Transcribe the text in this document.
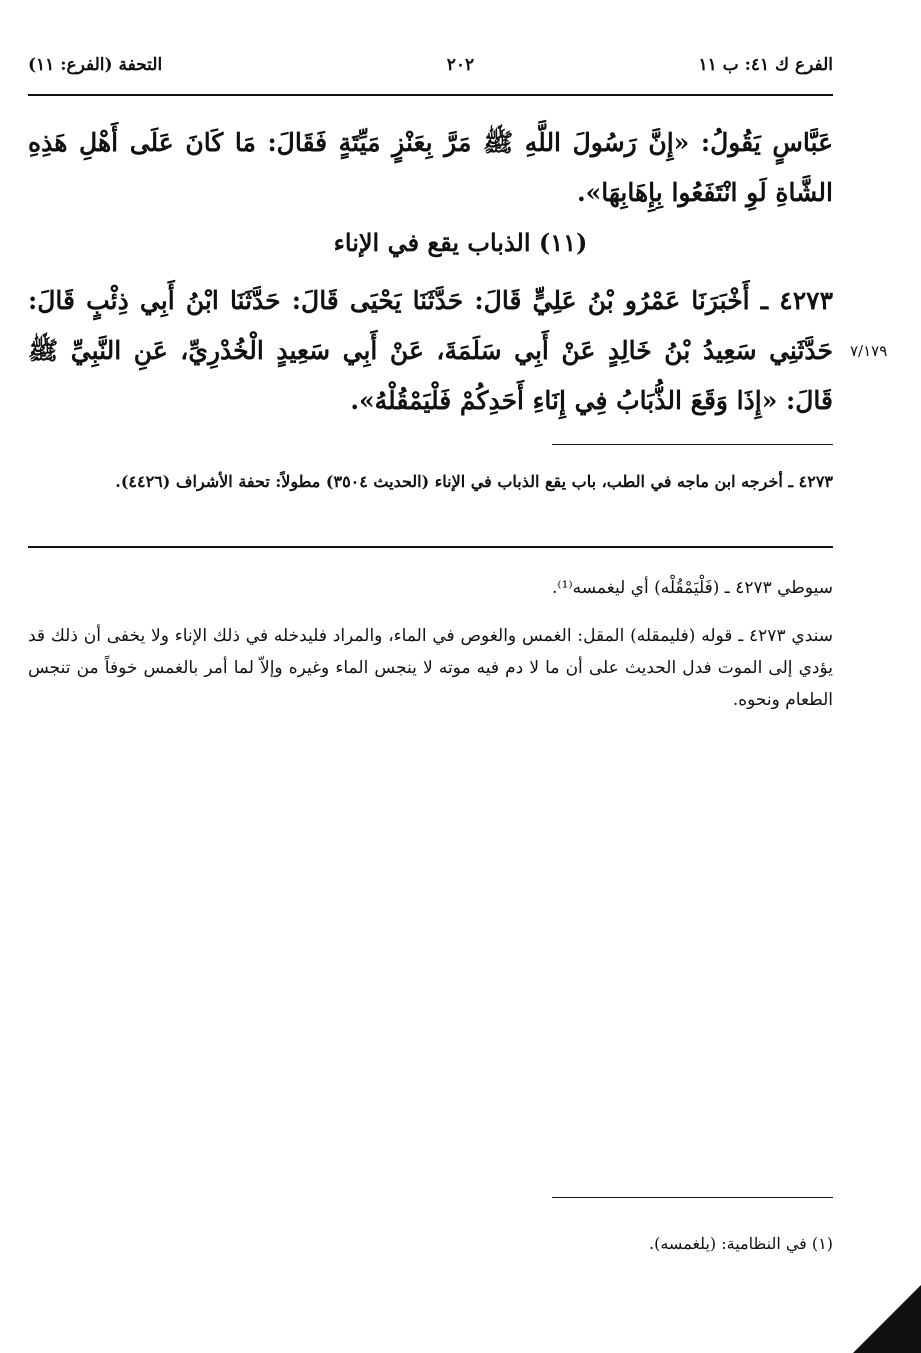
الفرع ك ٤١: ب ١١
٢٠٢
التحفة (الفرع: ١١)
عَبَّاسٍ يَقُولُ: «إِنَّ رَسُولَ اللَّهِ ﷺ مَرَّ بِعَنْزٍ مَيِّتَةٍ فَقَالَ: مَا كَانَ عَلَى أَهْلِ هَذِهِ الشَّاةِ لَوِ انْتَفَعُوا بِإِهَابِهَا».
(١١) الذباب يقع في الإناء
٤٢٧٣ ـ أَخْبَرَنَا عَمْرُو بْنُ عَلِيٍّ قَالَ: حَدَّثَنَا يَحْيَى قَالَ: حَدَّثَنَا ابْنُ أَبِي ذِئْبٍ قَالَ: حَدَّثَنِي سَعِيدُ بْنُ خَالِدٍ عَنْ أَبِي سَلَمَةَ، عَنْ أَبِي سَعِيدٍ الْخُدْرِيِّ، عَنِ النَّبِيِّ ﷺ قَالَ: «إِذَا وَقَعَ الذُّبَابُ فِي إِنَاءِ أَحَدِكُمْ فَلْيَمْقُلْهُ».
٧/١٧٩
٤٢٧٣ ـ أخرجه ابن ماجه في الطب، باب يقع الذباب في الإناء (الحديث ٣٥٠٤) مطولاً: تحفة الأشراف (٤٤٢٦).
سيوطي ٤٢٧٣ ـ (فَلْيَمْقُلْه) أي ليغمسه⁽¹⁾.
سندي ٤٢٧٣ ـ قوله (فليمقله) المقل: الغمس والغوص في الماء، والمراد فليدخله في ذلك الإناء ولا يخفى أن ذلك قد يؤدي إلى الموت فدل الحديث على أن ما لا دم فيه موته لا ينجس الماء وغيره وإلاّ لما أمر بالغمس خوفاً من تنجس الطعام ونحوه.
(١) في النظامية: (يلغمسه).
